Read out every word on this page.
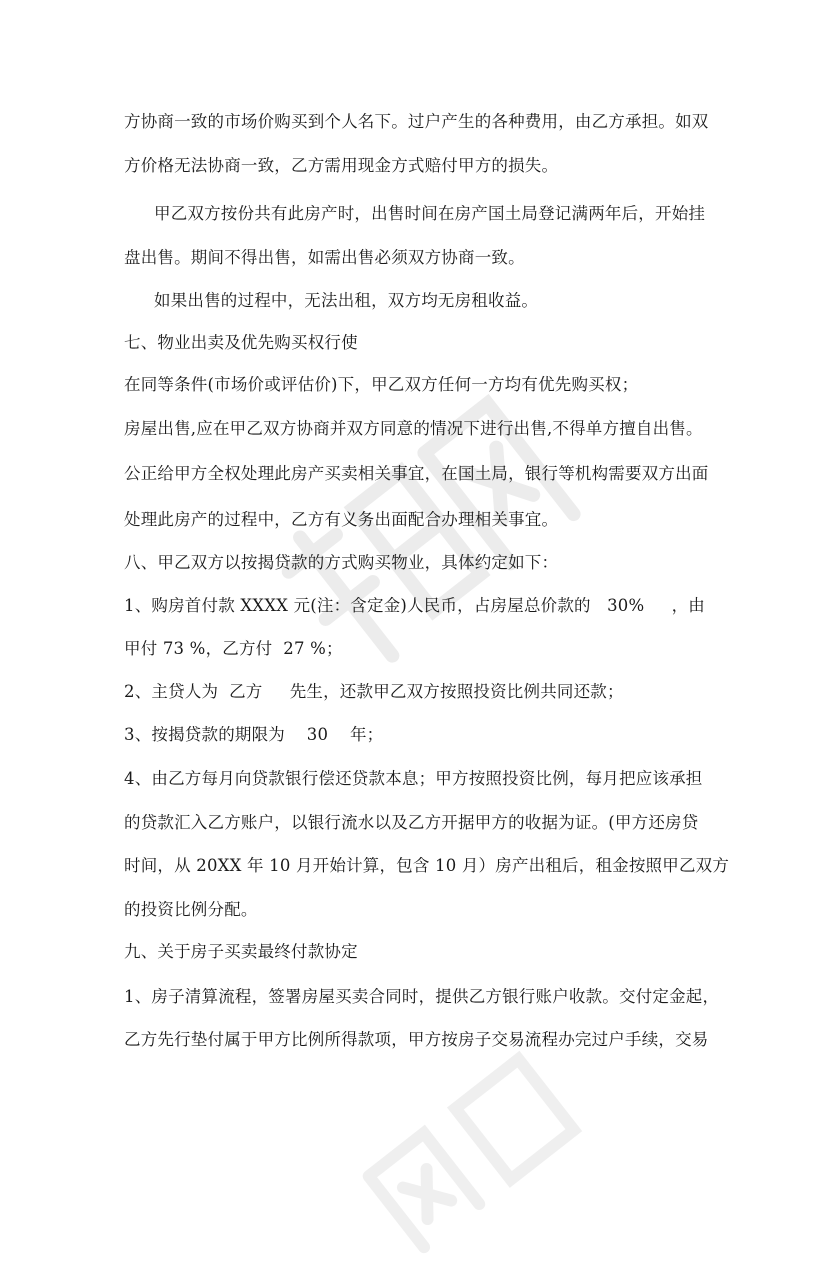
方协商一致的市场价购买到个人名下。过户产生的各种费用，由乙方承担。如双
方价格无法协商一致，乙方需用现金方式赔付甲方的损失。
甲乙双方按份共有此房产时，出售时间在房产国土局登记满两年后，开始挂
盘出售。期间不得出售，如需出售必须双方协商一致。
如果出售的过程中，无法出租，双方均无房租收益。
七、物业出卖及优先购买权行使
在同等条件(市场价或评估价)下，甲乙双方任何一方均有优先购买权；
房屋出售,应在甲乙双方协商并双方同意的情况下进行出售,不得单方擅自出售。
公正给甲方全权处理此房产买卖相关事宜，在国土局，银行等机构需要双方出面
处理此房产的过程中，乙方有义务出面配合办理相关事宜。
八、甲乙双方以按揭贷款的方式购买物业，具体约定如下：
1、购房首付款 XXXX 元(注：含定金)人民币，占房屋总价款的   30%     ，由
甲付 73 %，乙方付  27 %；
2、主贷人为  乙方     先生，还款甲乙双方按照投资比例共同还款；
3、按揭贷款的期限为    30    年；
4、由乙方每月向贷款银行偿还贷款本息；甲方按照投资比例，每月把应该承担
的贷款汇入乙方账户，以银行流水以及乙方开据甲方的收据为证。(甲方还房贷
时间，从 20XX 年 10 月开始计算，包含 10 月）房产出租后，租金按照甲乙双方
的投资比例分配。
九、关于房子买卖最终付款协定
1、房子清算流程，签署房屋买卖合同时，提供乙方银行账户收款。交付定金起，
乙方先行垫付属于甲方比例所得款项，甲方按房子交易流程办完过户手续，交易
